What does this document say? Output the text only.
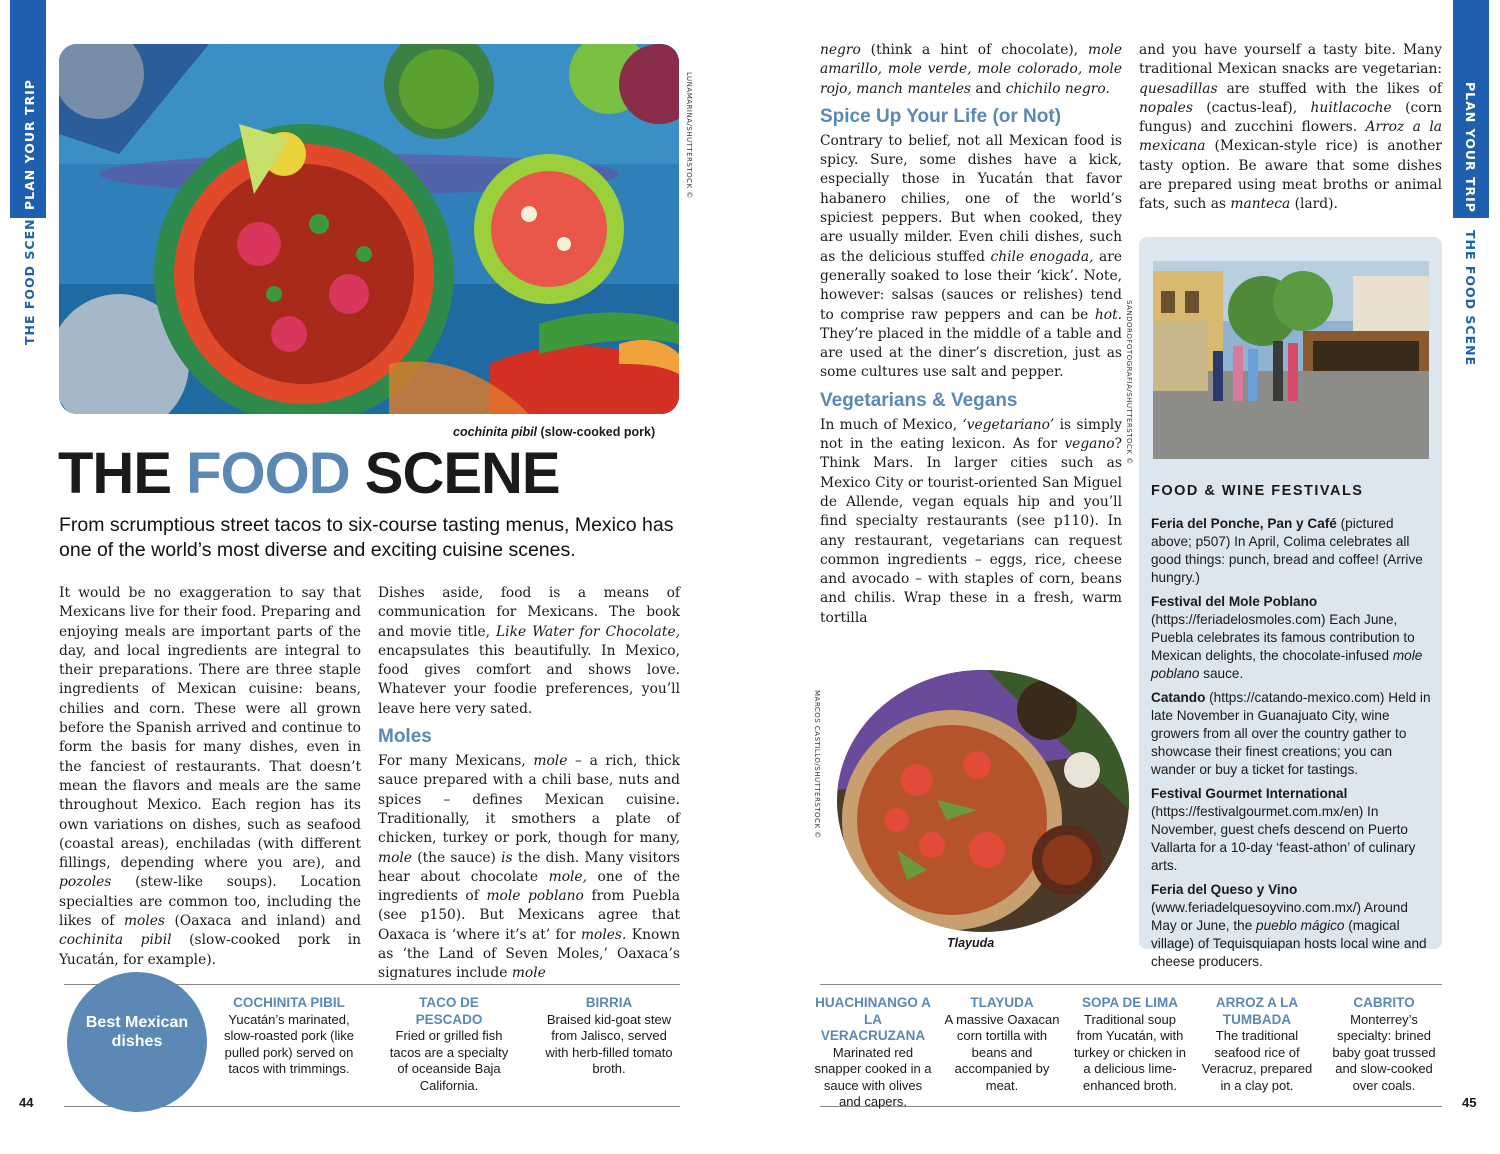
PLAN YOUR TRIP
THE FOOD SCENE
PLAN YOUR TRIP
THE FOOD SCENE
LUNAMARINA/SHUTTERSTOCK ©
cochinita pibil (slow-cooked pork)
THE FOOD SCENE
From scrumptious street tacos to six-course tasting menus, Mexico has one of the world’s most diverse and exciting cuisine scenes.

It would be no exaggeration to say that Mexicans live for their food. Preparing and enjoying meals are important parts of the day, and local ingredients are integral to their preparations. There are three staple ingredients of Mexican cuisine: beans, chilies and corn. These were all grown before the Spanish arrived and continue to form the basis for many dishes, even in the fanciest of restaurants. That doesn’t mean the flavors and meals are the same throughout Mexico. Each region has its own variations on dishes, such as seafood (coastal areas), enchiladas (with different fillings, depending where you are), and pozoles (stew-like soups). Location specialties are common too, including the likes of moles (Oaxaca and inland) and cochinita pibil (slow-cooked pork in Yucatán, for example).

Dishes aside, food is a means of communication for Mexicans. The book and movie title, Like Water for Chocolate, encapsulates this beautifully. In Mexico, food gives comfort and shows love. Whatever your foodie preferences, you’ll leave here very sated.

Moles

For many Mexicans, mole – a rich, thick sauce prepared with a chili base, nuts and spices – defines Mexican cuisine. Traditionally, it smothers a plate of chicken, turkey or pork, though for many, mole (the sauce) is the dish. Many visitors hear about chocolate mole, one of the ingredients of mole poblano from Puebla (see p150). But Mexicans agree that Oaxaca is ‘where it’s at’ for moles. Known as ‘the Land of Seven Moles,’ Oaxaca’s signatures include mole

negro (think a hint of chocolate), mole amarillo, mole verde, mole colorado, mole rojo, manch manteles and chichilo negro.

Spice Up Your Life (or Not)

Contrary to belief, not all Mexican food is spicy. Sure, some dishes have a kick, especially those in Yucatán that favor habanero chilies, one of the world’s spiciest peppers. But when cooked, they are usually milder. Even chili dishes, such as the delicious stuffed chile enogada, are generally soaked to lose their ‘kick’. Note, however: salsas (sauces or relishes) tend to comprise raw peppers and can be hot. They’re placed in the middle of a table and are used at the diner’s discretion, just as some cultures use salt and pepper.

Vegetarians & Vegans

In much of Mexico, ‘vegetariano’ is simply not in the eating lexicon. As for vegano? Think Mars. In larger cities such as Mexico City or tourist-oriented San Miguel de Allende, vegan equals hip and you’ll find specialty restaurants (see p110). In any restaurant, vegetarians can request common ingredients – eggs, rice, cheese and avocado – with staples of corn, beans and chilis. Wrap these in a fresh, warm tortilla

and you have yourself a tasty bite. Many traditional Mexican snacks are vegetarian: quesadillas are stuffed with the likes of nopales (cactus-leaf), huitlacoche (corn fungus) and zucchini flowers. Arroz a la mexicana (Mexican-style rice) is another tasty option. Be aware that some dishes are prepared using meat broths or animal fats, such as manteca (lard).

FOOD & WINE FESTIVALS
Feria del Ponche, Pan y Café (pictured above; p507) In April, Colima celebrates all good things: punch, bread and coffee! (Arrive hungry.)
Festival del Mole Poblano (https://feriadelosmoles.com) Each June, Puebla celebrates its famous contribution to Mexican delights, the chocolate-infused mole poblano sauce.
Catando (https://catando-mexico.com) Held in late November in Guanajuato City, wine growers from all over the country gather to showcase their finest creations; you can wander or buy a ticket for tastings.
Festival Gourmet International (https://festivalgourmet.com.mx/en) In November, guest chefs descend on Puerto Vallarta for a 10-day ‘feast-athon’ of culinary arts.
Feria del Queso y Vino (www.feriadelquesoyvino.com.mx/) Around May or June, the pueblo mágico (magical village) of Tequisquiapan hosts local wine and cheese producers.
SANDOROFOTOGRAFIA/SHUTTERSTOCK ©
MARCOS CASTILLO/SHUTTERSTOCK ©
Tlayuda
Best Mexican dishes
COCHINITA PIBIL
Yucatán’s marinated, slow-roasted pork (like pulled pork) served on tacos with trimmings.
TACO DE PESCADO
Fried or grilled fish tacos are a specialty of oceanside Baja California.
BIRRIA
Braised kid-goat stew from Jalisco, served with herb-filled tomato broth.
HUACHINANGO A LA VERACRUZANA
Marinated red snapper cooked in a sauce with olives and capers.
TLAYUDA
A massive Oaxacan corn tortilla with beans and accompanied by meat.
SOPA DE LIMA
Traditional soup from Yucatán, with turkey or chicken in a delicious lime-enhanced broth.
ARROZ A LA TUMBADA
The traditional seafood rice of Veracruz, prepared in a clay pot.
CABRITO
Monterrey’s specialty: brined baby goat trussed and slow-cooked over coals.
44	45
